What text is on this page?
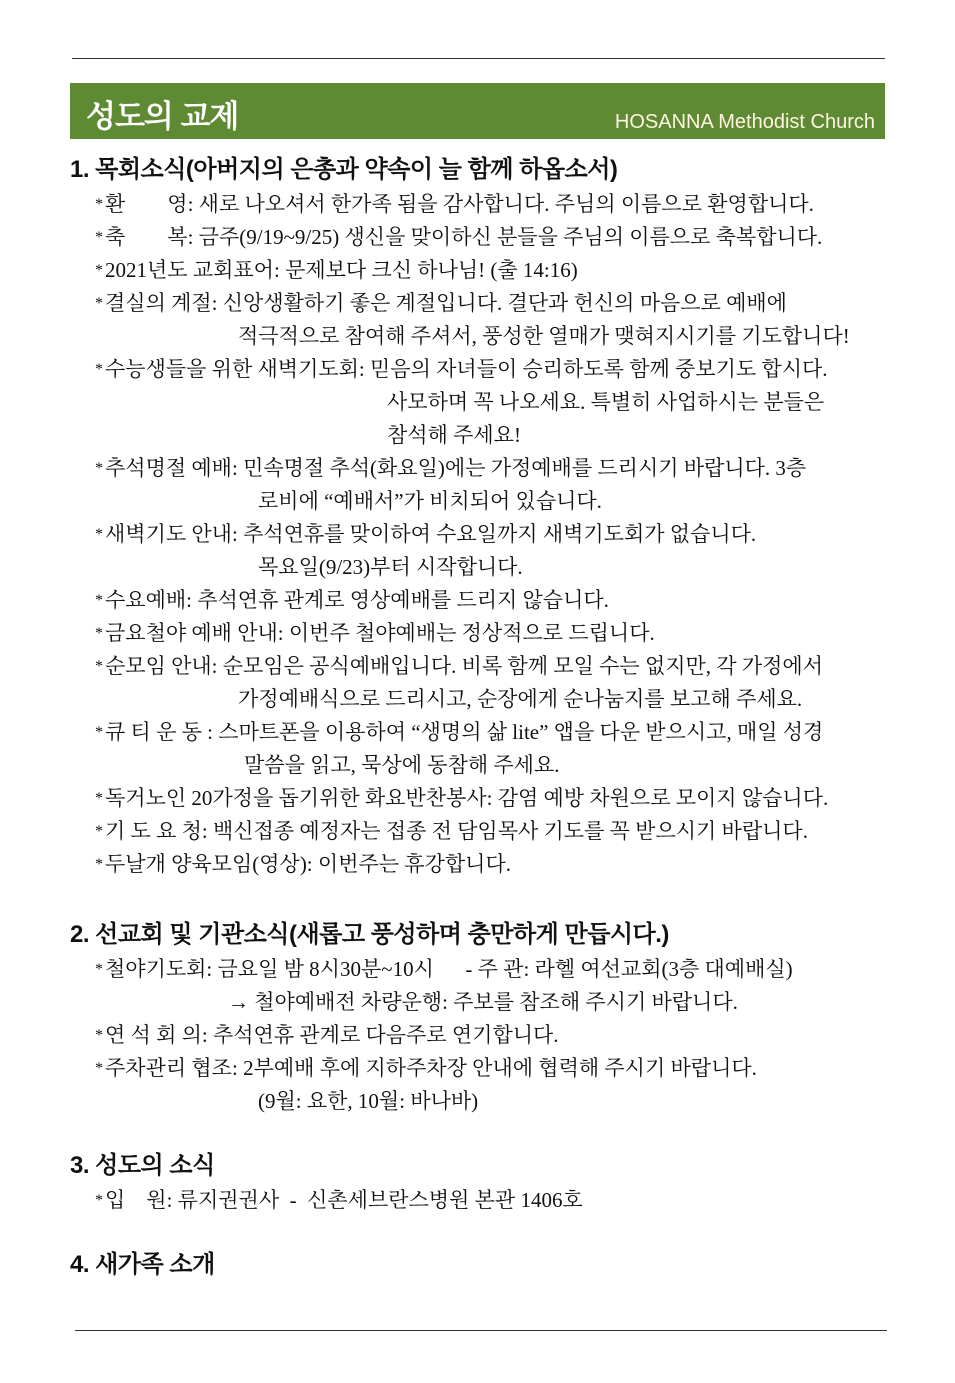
성도의 교제	HOSANNA Methodist Church
1. 목회소식(아버지의 은총과 약속이 늘 함께 하옵소서)
*환        영: 새로 나오셔서 한가족 됨을 감사합니다. 주님의 이름으로 환영합니다.
*축        복: 금주(9/19~9/25) 생신을 맞이하신 분들을 주님의 이름으로 축복합니다.
*2021년도 교회표어: 문제보다 크신 하나님! (출 14:16)
*결실의 계절: 신앙생활하기 좋은 계절입니다. 결단과 헌신의 마음으로 예배에
적극적으로 참여해 주셔서, 풍성한 열매가 맺혀지시기를 기도합니다!
*수능생들을 위한 새벽기도회: 믿음의 자녀들이 승리하도록 함께 중보기도 합시다.
사모하며 꼭 나오세요. 특별히 사업하시는 분들은
참석해 주세요!
*추석명절 예배: 민속명절 추석(화요일)에는 가정예배를 드리시기 바랍니다. 3층
로비에 “예배서”가 비치되어 있습니다.
*새벽기도 안내: 추석연휴를 맞이하여 수요일까지 새벽기도회가 없습니다.
목요일(9/23)부터 시작합니다.
*수요예배: 추석연휴 관계로 영상예배를 드리지 않습니다.
*금요철야 예배 안내: 이번주 철야예배는 정상적으로 드립니다.
*순모임 안내: 순모임은 공식예배입니다. 비록 함께 모일 수는 없지만, 각 가정에서
가정예배식으로 드리시고, 순장에게 순나눔지를 보고해 주세요.
*큐 티 운 동 : 스마트폰을 이용하여 “생명의 삶 lite” 앱을 다운 받으시고, 매일 성경
말씀을 읽고, 묵상에 동참해 주세요.
*독거노인 20가정을 돕기위한 화요반찬봉사: 감염 예방 차원으로 모이지 않습니다.
*기 도 요 청: 백신접종 예정자는 접종 전 담임목사 기도를 꼭 받으시기 바랍니다.
*두날개 양육모임(영상): 이번주는 휴강합니다.
2. 선교회 및 기관소식(새롭고 풍성하며 충만하게 만듭시다.)
*철야기도회: 금요일 밤 8시30분~10시      - 주 관: 라헬 여선교회(3층 대예배실)
→ 철야예배전 차량운행: 주보를 참조해 주시기 바랍니다.
*연 석 회 의: 추석연휴 관계로 다음주로 연기합니다.
*주차관리 협조: 2부예배 후에 지하주차장 안내에 협력해 주시기 바랍니다.
(9월: 요한, 10월: 바나바)
3. 성도의 소식
*입    원: 류지권권사  -  신촌세브란스병원 본관 1406호
4. 새가족 소개
